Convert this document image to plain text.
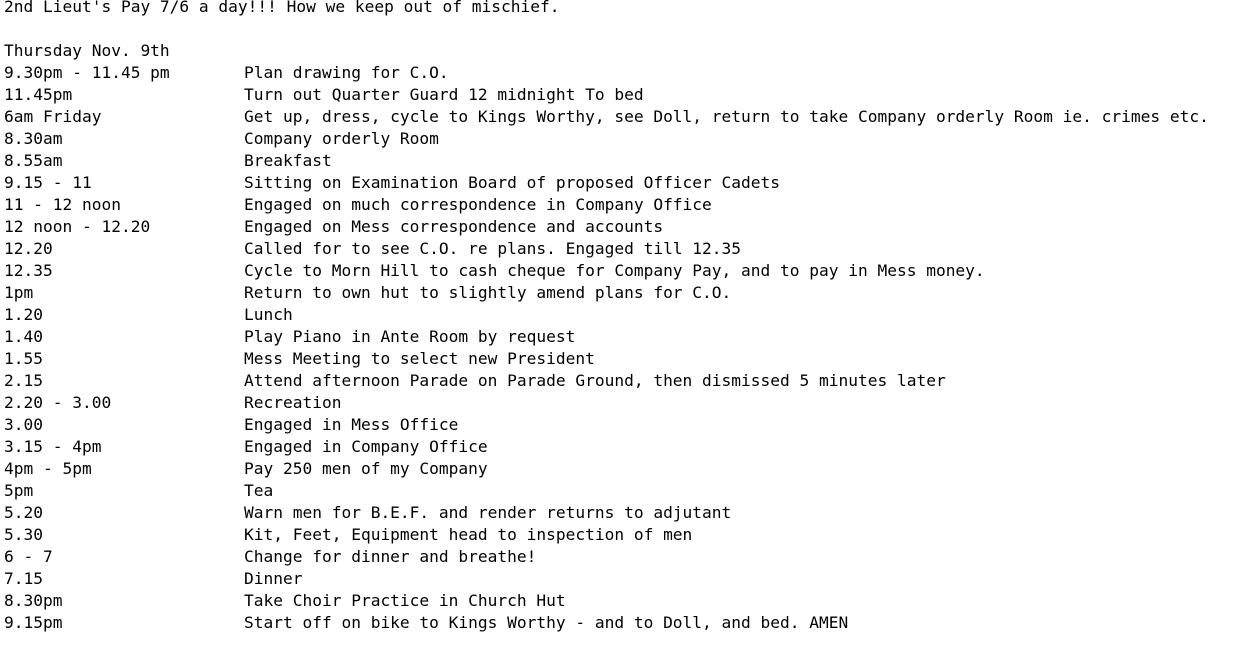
2nd Lieut's Pay 7/6 a day!!! How we keep out of mischief.
Thursday Nov. 9th
9.30pm - 11.45 pm	Plan drawing for C.O.
11.45pm	Turn out Quarter Guard 12 midnight To bed
6am Friday	Get up, dress, cycle to Kings Worthy, see Doll, return to take Company orderly Room ie. crimes etc.
8.30am	Company orderly Room
8.55am	Breakfast
9.15 - 11	Sitting on Examination Board of proposed Officer Cadets
11 - 12 noon	Engaged on much correspondence in Company Office
12 noon - 12.20	Engaged on Mess correspondence and accounts
12.20	Called for to see C.O. re plans. Engaged till 12.35
12.35	Cycle to Morn Hill to cash cheque for Company Pay, and to pay in Mess money.
1pm	Return to own hut to slightly amend plans for C.O.
1.20	Lunch
1.40	Play Piano in Ante Room by request
1.55	Mess Meeting to select new President
2.15	Attend afternoon Parade on Parade Ground, then dismissed 5 minutes later
2.20 - 3.00	Recreation
3.00	Engaged in Mess Office
3.15 - 4pm	Engaged in Company Office
4pm - 5pm	Pay 250 men of my Company
5pm	Tea
5.20	Warn men for B.E.F. and render returns to adjutant
5.30	Kit, Feet, Equipment head to inspection of men
6 - 7	Change for dinner and breathe!
7.15	Dinner
8.30pm	Take Choir Practice in Church Hut
9.15pm	Start off on bike to Kings Worthy - and to Doll, and bed. AMEN
